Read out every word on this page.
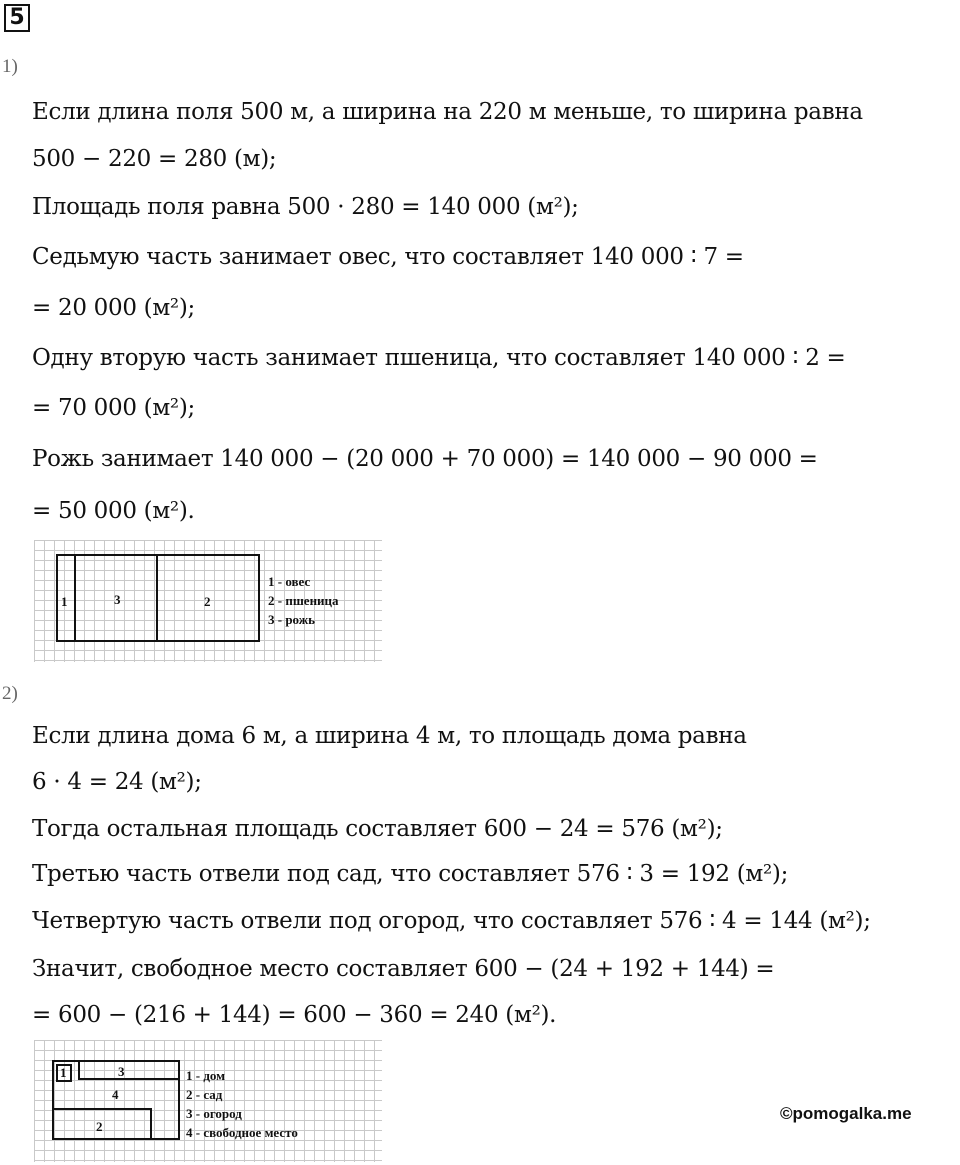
5
1)
Если длина поля 500 м, а ширина на 220 м меньше, то ширина равна
500 − 220 = 280 (м);
Площадь поля равна 500 · 280 = 140 000 (м²);
Седьмую часть занимает овес, что составляет 140 000 ∶ 7 =
= 20 000 (м²);
Одну вторую часть занимает пшеница, что составляет 140 000 ∶ 2 =
= 70 000 (м²);
Рожь занимает 140 000 − (20 000 + 70 000) = 140 000 − 90 000 =
= 50 000 (м²).
1	3	2
1 - овес
2 - пшеница
3 - рожь
2)
Если длина дома 6 м, а ширина 4 м, то площадь дома равна
6 · 4 = 24 (м²);
Тогда остальная площадь составляет 600 − 24 = 576 (м²);
Третью часть отвели под сад, что составляет 576 ∶ 3 = 192 (м²);
Четвертую часть отвели под огород, что составляет 576 ∶ 4 = 144 (м²);
Значит, свободное место составляет 600 − (24 + 192 + 144) =
= 600 − (216 + 144) = 600 − 360 = 240 (м²).
1	3
4
2
1 - дом
2 - сад
3 - огород
4 - свободное место
©pomogalka.me
